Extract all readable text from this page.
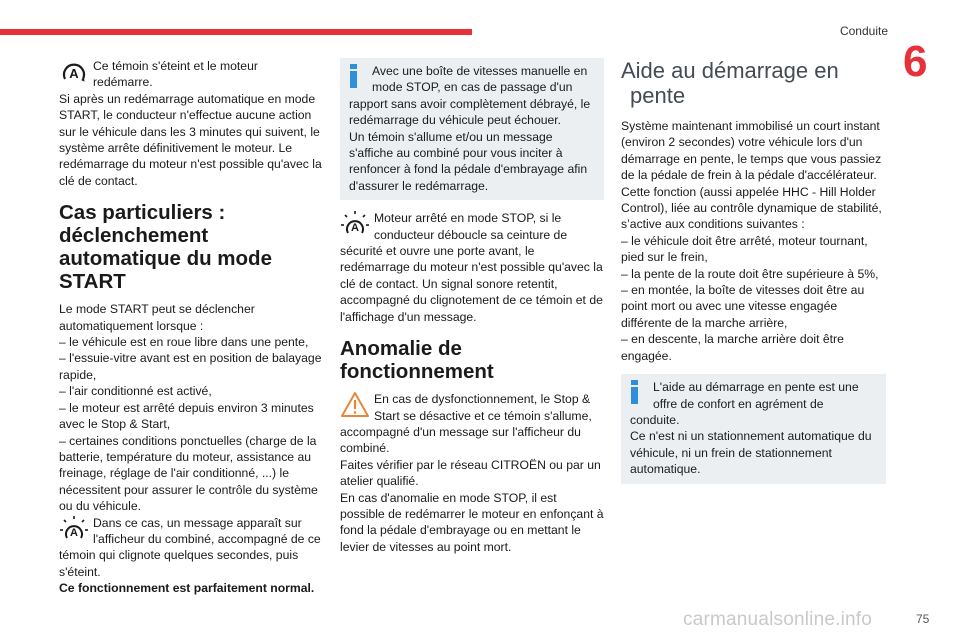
Conduite
6
A	Ce témoin s'éteint et le moteur

redémarre.

Si après un redémarrage automatique en mode START, le conducteur n'effectue aucune action sur le véhicule dans les 3 minutes qui suivent, le système arrête définitivement le moteur. Le redémarrage du moteur n'est possible qu'avec la clé de contact.

Cas particuliers : déclenchement automatique du mode START

Le mode START peut se déclencher automatiquement lorsque :

– le véhicule est en roue libre dans une pente,
– l'essuie-vitre avant est en position de balayage rapide,
– l'air conditionné est activé,
– le moteur est arrêté depuis environ 3 minutes avec le Stop & Start,
– certaines conditions ponctuelles (charge de la batterie, température du moteur, assistance au freinage, réglage de l'air conditionné, ...) le nécessitent pour assurer le contrôle du système ou du véhicule.
A

Dans ce cas, un message apparaît sur

l'afficheur du combiné, accompagné de ce témoin qui clignote quelques secondes, puis s'éteint.

Ce fonctionnement est parfaitement normal.

Avec une boîte de vitesses manuelle en

mode STOP, en cas de passage d'un rapport sans avoir complètement débrayé, le redémarrage du véhicule peut échouer.

Un témoin s'allume et/ou un message s'affiche au combiné pour vous inciter à renfoncer à fond la pédale d'embrayage afin d'assurer le redémarrage.

A

Moteur arrêté en mode STOP, si le

conducteur déboucle sa ceinture de sécurité et ouvre une porte avant, le redémarrage du moteur n'est possible qu'avec la clé de contact. Un signal sonore retentit, accompagné du clignotement de ce témoin et de l'affichage d'un message.

Anomalie de fonctionnement

En cas de dysfonctionnement, le Stop &

Start se désactive et ce témoin s'allume, accompagné d'un message sur l'afficheur du combiné.

Faites vérifier par le réseau CITROËN ou par un atelier qualifié.

En cas d'anomalie en mode STOP, il est possible de redémarrer le moteur en enfonçant à fond la pédale d'embrayage ou en mettant le levier de vitesses au point mort.

Aide au démarrage en
pente

Système maintenant immobilisé un court instant (environ 2 secondes) votre véhicule lors d'un démarrage en pente, le temps que vous passiez de la pédale de frein à la pédale d'accélérateur.

Cette fonction (aussi appelée HHC - Hill Holder Control), liée au contrôle dynamique de stabilité, s’active aux conditions suivantes :

– le véhicule doit être arrêté, moteur tournant, pied sur le frein,
– la pente de la route doit être supérieure à 5%,
– en montée, la boîte de vitesses doit être au point mort ou avec une vitesse engagée différente de la marche arrière,
– en descente, la marche arrière doit être engagée.

L'aide au démarrage en pente est une

offre de confort en agrément de conduite.

Ce n'est ni un stationnement automatique du véhicule, ni un frein de stationnement automatique.

carmanualsonline.info	75
